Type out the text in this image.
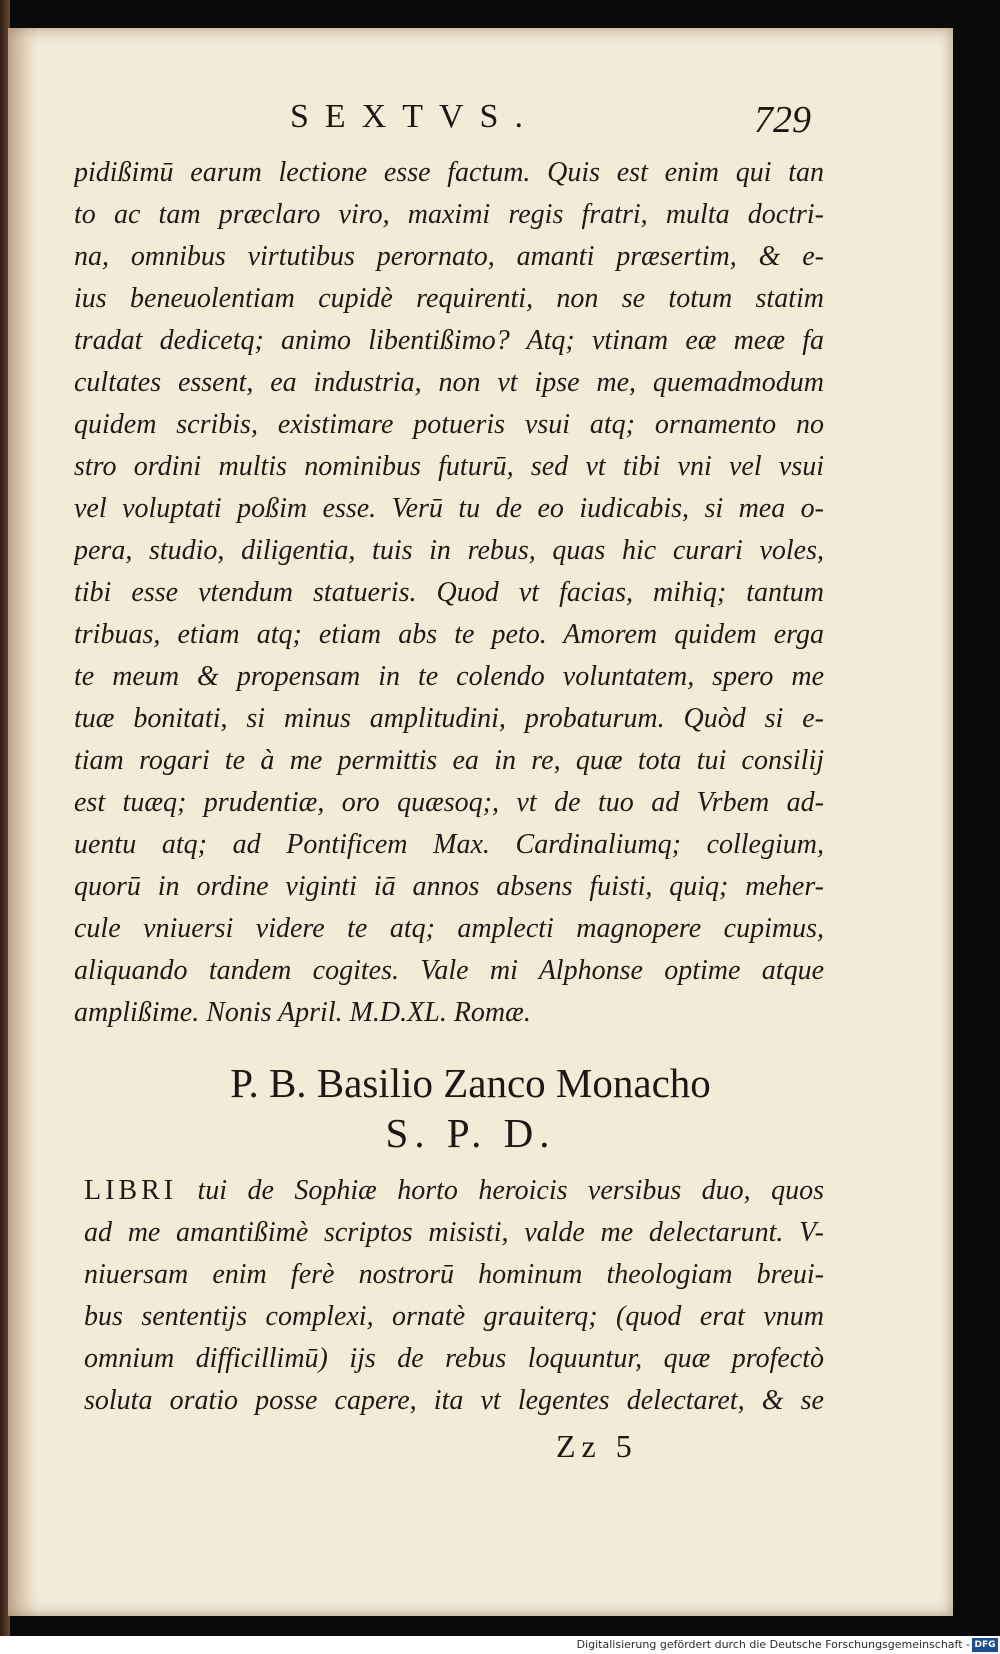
SEXTVS.	729
pidißimū earum lectione esse factum. Quis est enim qui tan
to ac tam præclaro viro, maximi regis fratri, multa doctri-
na, omnibus virtutibus perornato, amanti præsertim, & e-
ius beneuolentiam cupidè requirenti, non se totum statim
tradat dedicetq; animo libentißimo? Atq; vtinam eæ meæ fa
cultates essent, ea industria, non vt ipse me, quemadmodum
quidem scribis, existimare potueris vsui atq; ornamento no
stro ordini multis nominibus futurū, sed vt tibi vni vel vsui
vel voluptati poßim esse. Verū tu de eo iudicabis, si mea o-
pera, studio, diligentia, tuis in rebus, quas hic curari voles,
tibi esse vtendum statueris. Quod vt facias, mihiq; tantum
tribuas, etiam atq; etiam abs te peto. Amorem quidem erga
te meum & propensam in te colendo voluntatem, spero me
tuæ bonitati, si minus amplitudini, probaturum. Quòd si e-
tiam rogari te à me permittis ea in re, quæ tota tui consilij
est tuæq; prudentiæ, oro quæsoq;, vt de tuo ad Vrbem ad-
uentu atq; ad Pontificem Max. Cardinaliumq; collegium,
quorū in ordine viginti iā annos absens fuisti, quiq; meher-
cule vniuersi videre te atq; amplecti magnopere cupimus,
aliquando tandem cogites. Vale mi Alphonse optime atque
amplißime. Nonis April. M.D.XL. Romæ.
P. B. Basilio Zanco Monacho
S. P. D.
LIBRI tui de Sophiæ horto heroicis versibus duo, quos
ad me amantißimè scriptos misisti, valde me delectarunt. V-
niuersam enim ferè nostrorū hominum theologiam breui-
bus sententijs complexi, ornatè grauiterq; (quod erat vnum
omnium difficillimū) ijs de rebus loquuntur, quæ profectò
soluta oratio posse capere, ita vt legentes delectaret, & se
Zz 5
Digitalisierung gefördert durch die Deutsche Forschungsgemeinschaft - DFG
